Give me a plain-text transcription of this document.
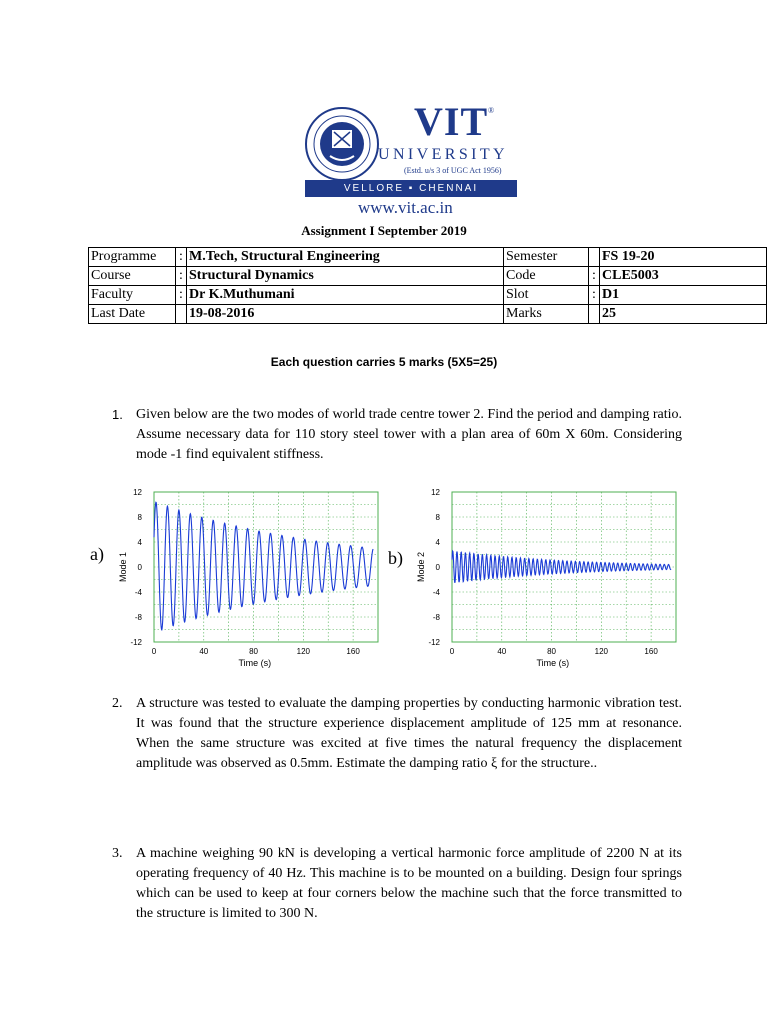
VIT ®
UNIVERSITY
(Estd. u/s 3 of UGC Act 1956)
VELLORE ▪ CHENNAI
www.vit.ac.in
Assignment I September 2019
Programme	:	M.Tech, Structural Engineering	Semester		FS 19-20
Course	:	Structural Dynamics	Code	:	CLE5003
Faculty	:	Dr K.Muthumani	Slot	:	D1
Last Date		19-08-2016	Marks		25
Each question carries 5 marks (5X5=25)
1. Given below are the two modes of world trade centre tower 2. Find the period and damping ratio. Assume necessary data for 110 story steel tower with a plan area of 60m X 60m. Considering mode -1 find equivalent stiffness.
a)
0	40	80	120	160
12
8
4
0
-4
-8
-12
Time (s)
Mode 1	b)
0	40	80	120	160
12
8
4
0
-4
-8
-12
Time (s)
Mode 2
2. A structure was tested to evaluate the damping properties by conducting harmonic vibration test. It was found that the structure experience displacement amplitude of 125 mm at resonance. When the same structure was excited at five times the natural frequency the displacement amplitude was observed as 0.5mm. Estimate the damping ratio ξ for the structure..
3. A machine weighing 90 kN is developing a vertical harmonic force amplitude of 2200 N at its operating frequency of 40 Hz. This machine is to be mounted on a building. Design four springs which can be used to keep at four corners below the machine such that the force transmitted to the structure is limited to 300 N.
